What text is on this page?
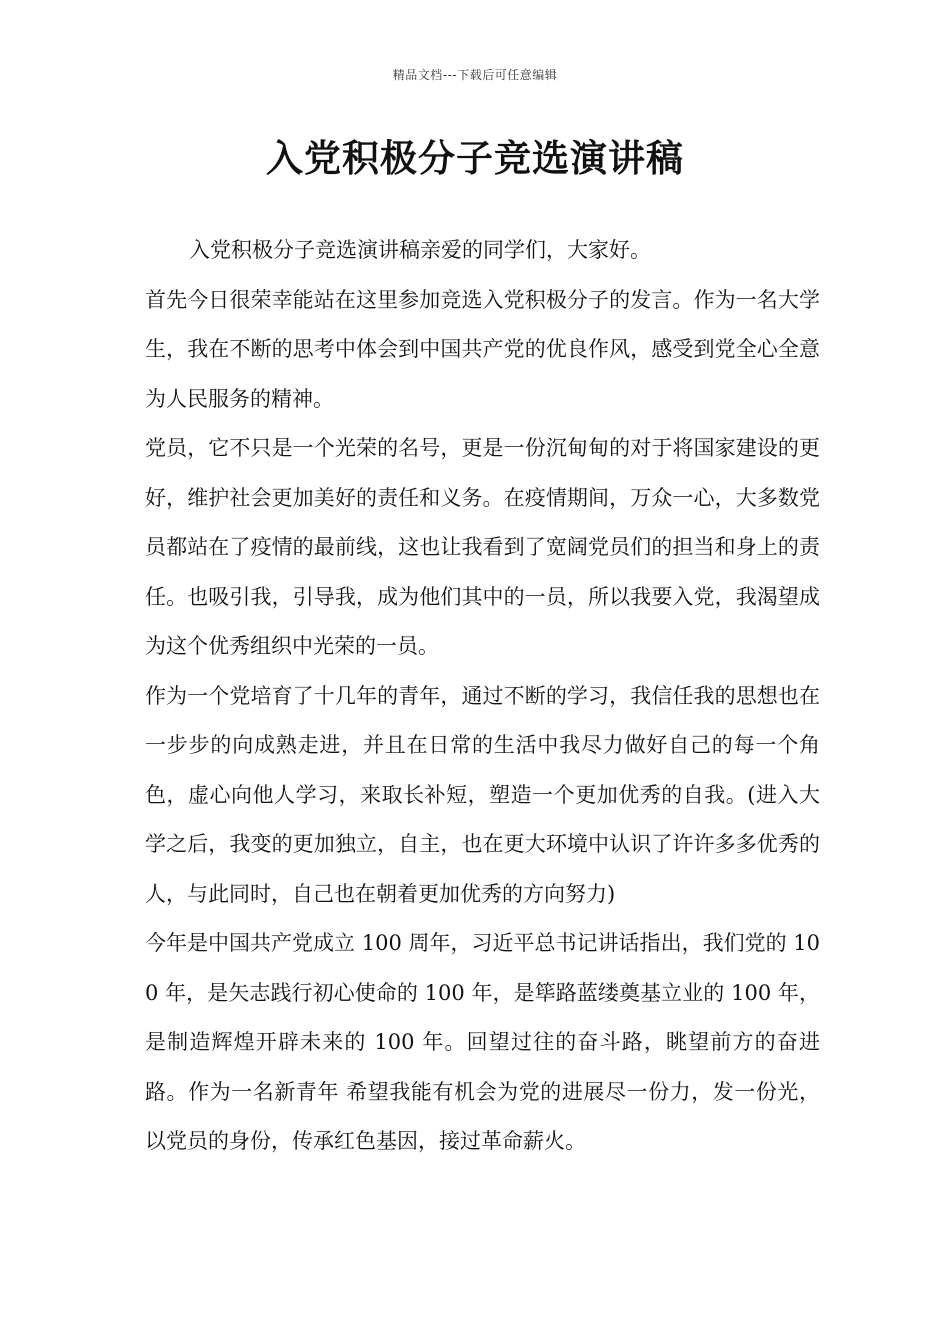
精品文档---下载后可任意编辑
入党积极分子竞选演讲稿

入党积极分子竞选演讲稿亲爱的同学们，大家好。

首先今日很荣幸能站在这里参加竞选入党积极分子的发言。作为一名大学生，我在不断的思考中体会到中国共产党的优良作风，感受到党全心全意为人民服务的精神。

党员，它不只是一个光荣的名号，更是一份沉甸甸的对于将国家建设的更好，维护社会更加美好的责任和义务。在疫情期间，万众一心，大多数党员都站在了疫情的最前线，这也让我看到了宽阔党员们的担当和身上的责任。也吸引我，引导我，成为他们其中的一员，所以我要入党，我渴望成为这个优秀组织中光荣的一员。

作为一个党培育了十几年的青年，通过不断的学习，我信任我的思想也在一步步的向成熟走进，并且在日常的生活中我尽力做好自己的每一个角色，虚心向他人学习，来取长补短，塑造一个更加优秀的自我。(进入大学之后，我变的更加独立，自主，也在更大环境中认识了许许多多优秀的人，与此同时，自己也在朝着更加优秀的方向努力)

今年是中国共产党成立 100 周年，习近平总书记讲话指出，我们党的 100 年，是矢志践行初心使命的 100 年，是筚路蓝缕奠基立业的 100 年，是制造辉煌开辟未来的 100 年。回望过往的奋斗路，眺望前方的奋进路。作为一名新青年 希望我能有机会为党的进展尽一份力，发一份光，以党员的身份，传承红色基因，接过革命薪火。
